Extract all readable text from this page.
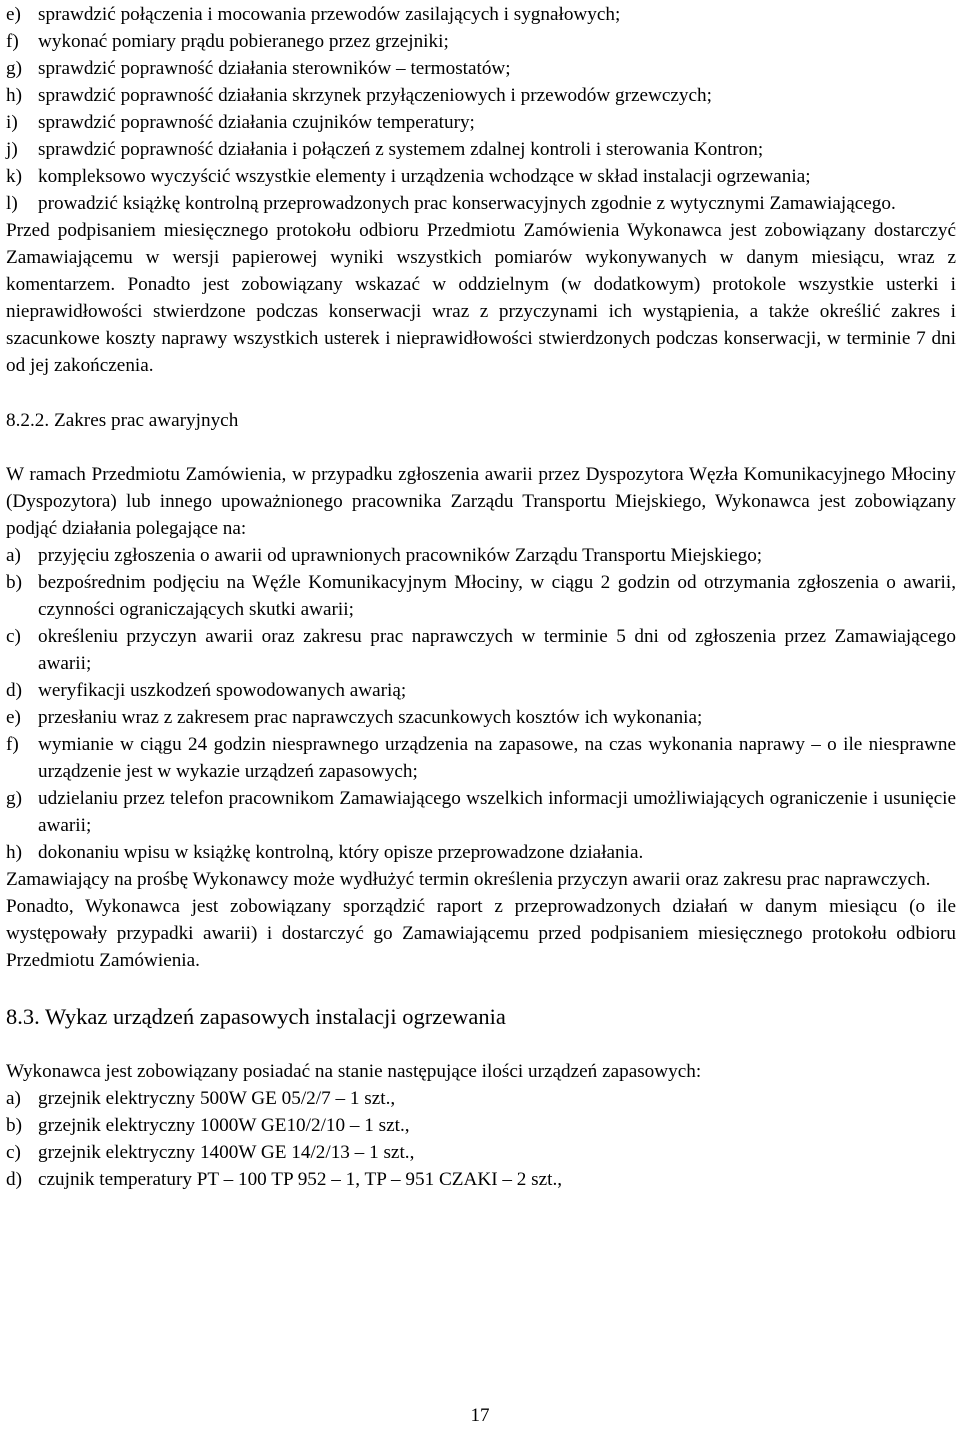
e) sprawdzić połączenia i mocowania przewodów zasilających i sygnałowych;
f)	wykonać pomiary prądu pobieranego przez grzejniki;
g) sprawdzić poprawność działania sterowników – termostatów;
h) sprawdzić poprawność działania skrzynek przyłączeniowych i przewodów grzewczych;
i)	sprawdzić poprawność działania czujników temperatury;
j)	sprawdzić poprawność działania i połączeń z systemem zdalnej kontroli i sterowania Kontron;
k) kompleksowo wyczyścić wszystkie elementy i urządzenia wchodzące w skład instalacji ogrzewania;
l)	prowadzić książkę kontrolną przeprowadzonych prac konserwacyjnych zgodnie z wytycznymi Zamawiającego.

Przed podpisaniem miesięcznego protokołu odbioru Przedmiotu Zamówienia Wykonawca jest zobowiązany dostarczyć Zamawiającemu w wersji papierowej wyniki wszystkich pomiarów wykonywanych w danym miesiącu, wraz z komentarzem. Ponadto jest zobowiązany wskazać w oddzielnym (w dodatkowym) protokole wszystkie usterki i nieprawidłowości stwierdzone podczas konserwacji wraz z przyczynami ich wystąpienia, a także określić zakres i szacunkowe koszty naprawy wszystkich usterek i nieprawidłowości stwierdzonych podczas konserwacji, w terminie 7 dni od jej zakończenia.

8.2.2. Zakres prac awaryjnych

W ramach Przedmiotu Zamówienia, w przypadku zgłoszenia awarii przez Dyspozytora Węzła Komunikacyjnego Młociny (Dyspozytora) lub innego upoważnionego pracownika Zarządu Transportu Miejskiego, Wykonawca jest zobowiązany podjąć działania polegające na:

a) przyjęciu zgłoszenia o awarii od uprawnionych pracowników Zarządu Transportu Miejskiego;
b) bezpośrednim podjęciu na Węźle Komunikacyjnym Młociny, w ciągu 2 godzin od otrzymania zgłoszenia o awarii, czynności ograniczających skutki awarii;
c) określeniu przyczyn awarii oraz zakresu prac naprawczych w terminie 5 dni od zgłoszenia przez Zamawiającego awarii;
d) weryfikacji uszkodzeń spowodowanych awarią;
e) przesłaniu wraz z zakresem prac naprawczych szacunkowych kosztów ich wykonania;
f)	wymianie w ciągu 24 godzin niesprawnego urządzenia na zapasowe, na czas wykonania naprawy – o ile niesprawne urządzenie jest w wykazie urządzeń zapasowych;
g) udzielaniu przez telefon pracownikom Zamawiającego wszelkich informacji umożliwiających ograniczenie i usunięcie awarii;
h) dokonaniu wpisu w książkę kontrolną, który opisze przeprowadzone działania.

Zamawiający na prośbę Wykonawcy może wydłużyć termin określenia przyczyn awarii oraz zakresu prac naprawczych.

Ponadto, Wykonawca jest zobowiązany sporządzić raport z przeprowadzonych działań w danym miesiącu (o ile występowały przypadki awarii) i dostarczyć go Zamawiającemu przed podpisaniem miesięcznego protokołu odbioru Przedmiotu Zamówienia.

8.3. Wykaz urządzeń zapasowych instalacji ogrzewania

Wykonawca jest zobowiązany posiadać na stanie następujące ilości urządzeń zapasowych:

a) grzejnik elektryczny 500W GE 05/2/7 – 1 szt.,
b) grzejnik elektryczny 1000W GE10/2/10 – 1 szt.,
c) grzejnik elektryczny 1400W GE 14/2/13 – 1 szt.,
d) czujnik temperatury PT – 100 TP 952 – 1, TP – 951 CZAKI – 2 szt.,
17
